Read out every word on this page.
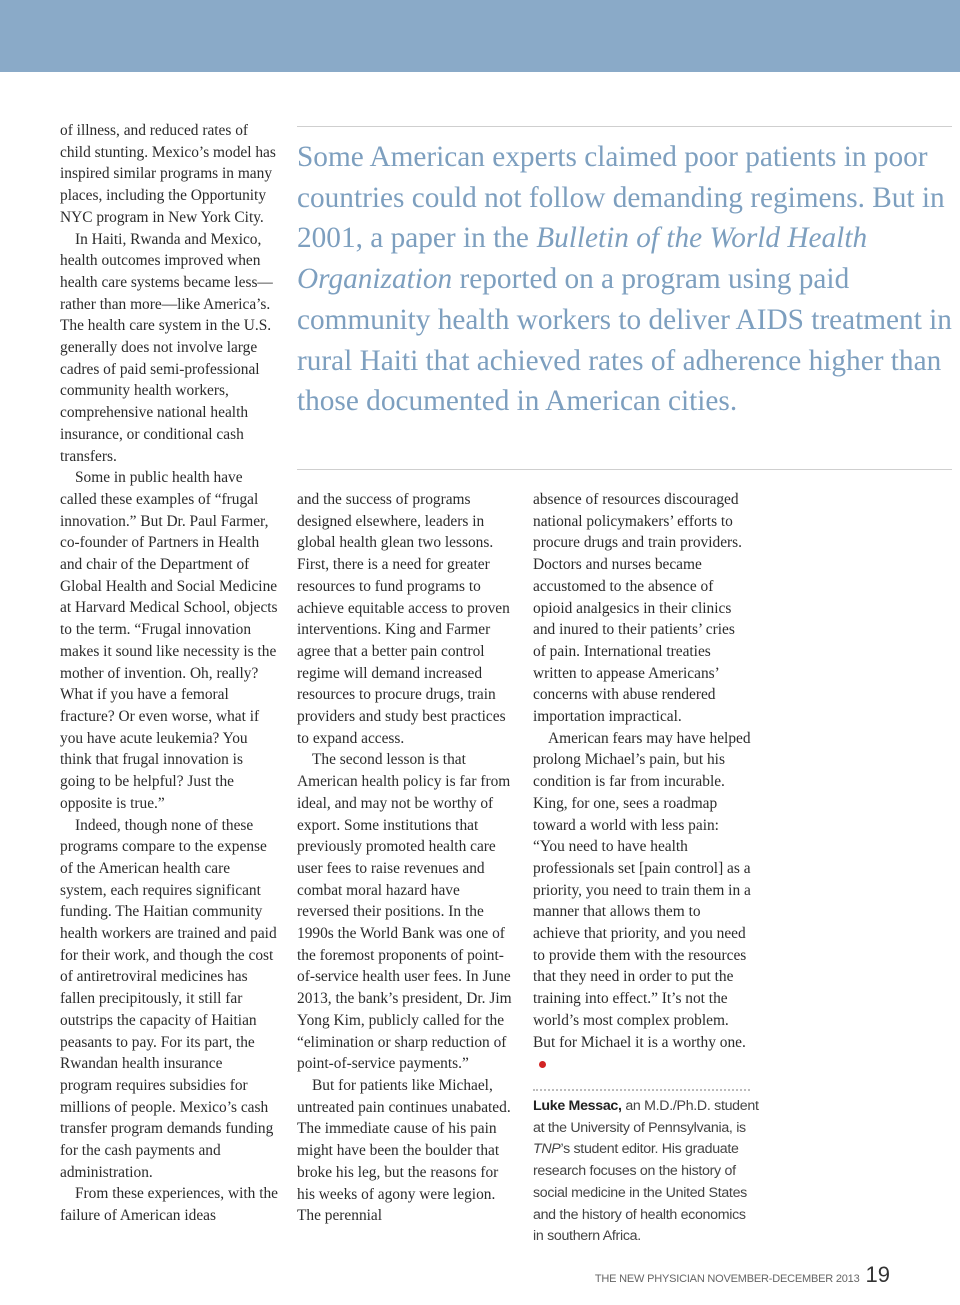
of illness, and reduced rates of child stunting. Mexico’s model has inspired similar programs in many places, including the Opportunity NYC program in New York City.

In Haiti, Rwanda and Mexico, health outcomes improved when health care systems became less—rather than more—like America’s. The health care system in the U.S. generally does not involve large cadres of paid semi-professional community health workers, comprehensive national health insurance, or conditional cash transfers.

Some in public health have called these examples of “frugal innovation.” But Dr. Paul Farmer, co-founder of Partners in Health and chair of the Department of Global Health and Social Medicine at Harvard Medical School, objects to the term. “Frugal innovation makes it sound like necessity is the mother of invention. Oh, really? What if you have a femoral fracture? Or even worse, what if you have acute leukemia? You think that frugal innovation is going to be helpful? Just the opposite is true.”

Indeed, though none of these programs compare to the expense of the American health care system, each requires significant funding. The Haitian community health workers are trained and paid for their work, and though the cost of antiretroviral medicines has fallen precipitously, it still far outstrips the capacity of Haitian peasants to pay. For its part, the Rwandan health insurance program requires subsidies for millions of people. Mexico’s cash transfer program demands funding for the cash payments and administration.

From these experiences, with the failure of American ideas

Some American experts claimed poor patients in poor countries could not follow demanding regimens. But in 2001, a paper in the Bulletin of the World Health Organization reported on a program using paid community health workers to deliver AIDS treatment in rural Haiti that achieved rates of adherence higher than those documented in American cities.

and the success of programs designed elsewhere, leaders in global health glean two lessons. First, there is a need for greater resources to fund programs to achieve equitable access to proven interventions. King and Farmer agree that a better pain control regime will demand increased resources to procure drugs, train providers and study best practices to expand access.

The second lesson is that American health policy is far from ideal, and may not be worthy of export. Some institutions that previously promoted health care user fees to raise revenues and combat moral hazard have reversed their positions. In the 1990s the World Bank was one of the foremost proponents of point-of-service health user fees. In June 2013, the bank’s president, Dr. Jim Yong Kim, publicly called for the “elimination or sharp reduction of point-of-service payments.”

But for patients like Michael, untreated pain continues unabated. The immediate cause of his pain might have been the boulder that broke his leg, but the reasons for his weeks of agony were legion. The perennial

absence of resources discouraged national policymakers’ efforts to procure drugs and train providers. Doctors and nurses became accustomed to the absence of opioid analgesics in their clinics and inured to their patients’ cries of pain. International treaties written to appease Americans’ concerns with abuse rendered importation impractical.

American fears may have helped prolong Michael’s pain, but his condition is far from incurable. King, for one, sees a roadmap toward a world with less pain: “You need to have health professionals set [pain control] as a priority, you need to train them in a manner that allows them to achieve that priority, and you need to provide them with the resources that they need in order to put the training into effect.” It’s not the world’s most complex problem. But for Michael it is a worthy one.

Luke Messac, an M.D./Ph.D. student at the University of Pennsylvania, is TNP’s student editor. His graduate research focuses on the history of social medicine in the United States and the history of health economics in southern Africa.

THE NEW PHYSICIAN NOVEMBER-DECEMBER 2013 19
